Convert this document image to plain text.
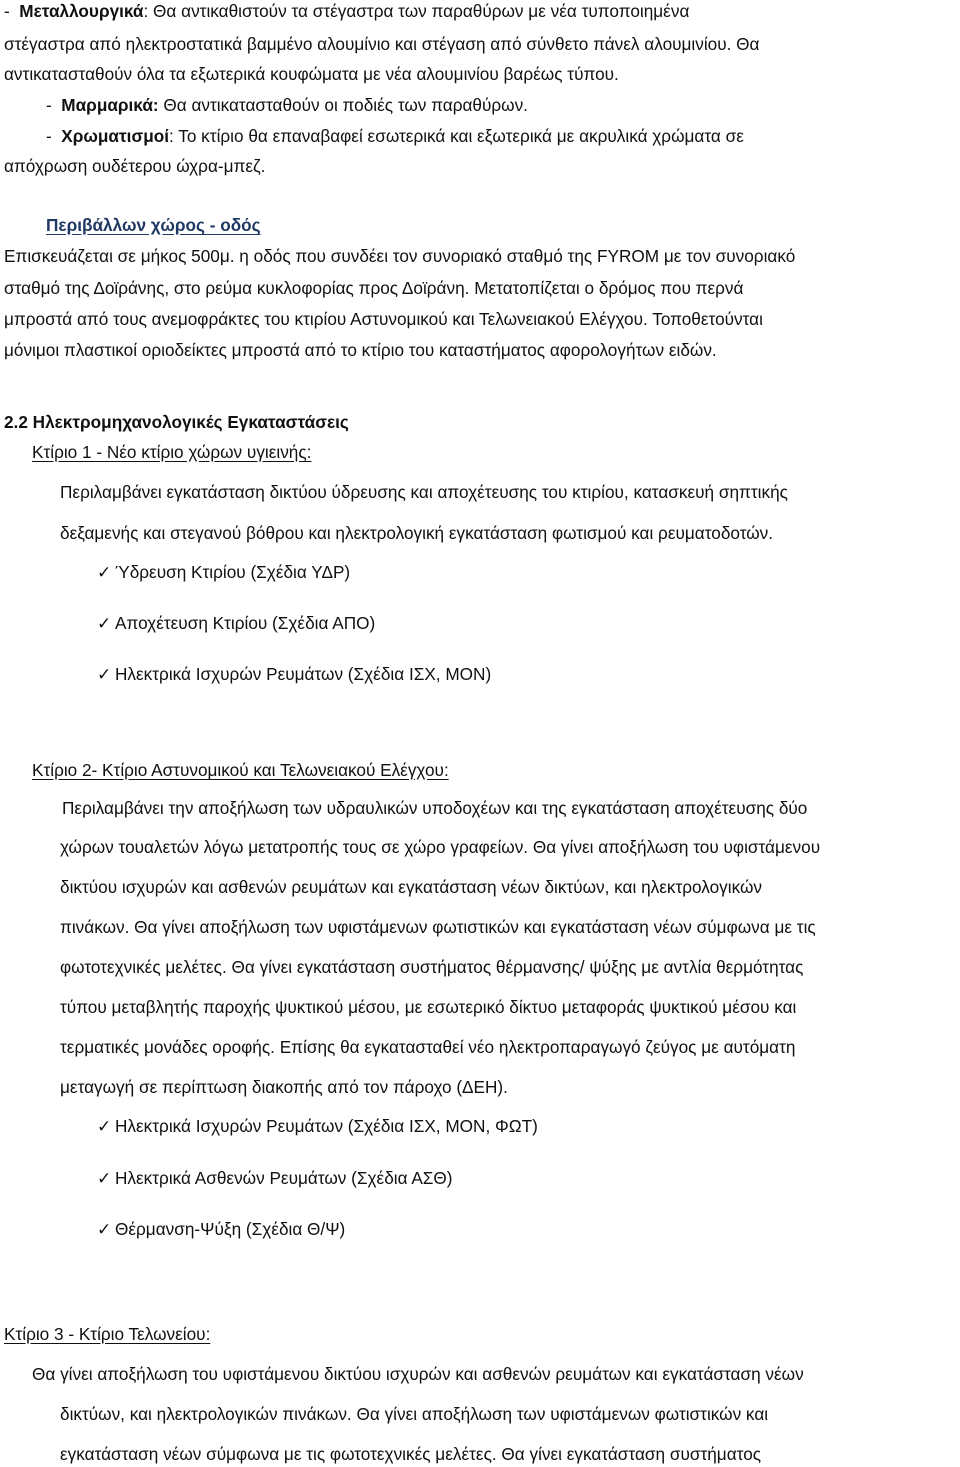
- Μεταλλουργικά: Θα αντικαθιστούν τα στέγαστρα των παραθύρων με νέα τυποποιημένα
στέγαστρα από ηλεκτροστατικά βαμμένο αλουμίνιο και στέγαση από σύνθετο πάνελ αλουμινίου. Θα
αντικατασταθούν όλα τα εξωτερικά κουφώματα με νέα αλουμινίου βαρέως τύπου.
- Μαρμαρικά: Θα αντικατασταθούν οι ποδιές των παραθύρων.
- Χρωματισμοί: Το κτίριο θα επαναβαφεί εσωτερικά και εξωτερικά με ακρυλικά χρώματα σε
απόχρωση ουδέτερου ώχρα-μπεζ.
Περιβάλλων χώρος - οδός
Επισκευάζεται σε μήκος 500μ. η οδός που συνδέει τον συνοριακό σταθμό της FYROM με τον συνοριακό
σταθμό της Δοϊράνης, στο ρεύμα κυκλοφορίας προς Δοϊράνη. Μετατοπίζεται ο δρόμος που περνά
μπροστά από τους ανεμοφράκτες του κτιρίου Αστυνομικού και Τελωνειακού Ελέγχου. Τοποθετούνται
μόνιμοι πλαστικοί οριοδείκτες μπροστά από το κτίριο του καταστήματος αφορολογήτων ειδών.
2.2 Ηλεκτρομηχανολογικές Εγκαταστάσεις
Κτίριο 1 - Νέο κτίριο χώρων υγιεινής:
Περιλαμβάνει εγκατάσταση δικτύου ύδρευσης και αποχέτευσης του κτιρίου, κατασκευή σηπτικής
δεξαμενής και στεγανού βόθρου και ηλεκτρολογική εγκατάσταση φωτισμού και ρευματοδοτών.
✓ Ύδρευση Κτιρίου (Σχέδια ΥΔΡ)
✓ Αποχέτευση Κτιρίου (Σχέδια ΑΠΟ)
✓ Ηλεκτρικά Ισχυρών Ρευμάτων (Σχέδια ΙΣΧ, ΜΟΝ)
Κτίριο 2- Κτίριο Αστυνομικού και Τελωνειακού Ελέγχου:
Περιλαμβάνει την αποξήλωση των υδραυλικών υποδοχέων και της εγκατάσταση αποχέτευσης δύο
χώρων τουαλετών λόγω μετατροπής τους σε χώρο γραφείων. Θα γίνει αποξήλωση του υφιστάμενου
δικτύου ισχυρών και ασθενών ρευμάτων και εγκατάσταση νέων δικτύων, και ηλεκτρολογικών
πινάκων. Θα γίνει αποξήλωση των υφιστάμενων φωτιστικών και εγκατάσταση νέων σύμφωνα με τις
φωτοτεχνικές μελέτες. Θα γίνει εγκατάσταση συστήματος θέρμανσης/ ψύξης με αντλία θερμότητας
τύπου μεταβλητής παροχής ψυκτικού μέσου, με εσωτερικό δίκτυο μεταφοράς ψυκτικού μέσου και
τερματικές μονάδες οροφής. Επίσης θα εγκατασταθεί νέο ηλεκτροπαραγωγό ζεύγος με αυτόματη
μεταγωγή σε περίπτωση διακοπής από τον πάροχο (ΔΕΗ).
✓ Ηλεκτρικά Ισχυρών Ρευμάτων (Σχέδια ΙΣΧ, ΜΟΝ, ΦΩΤ)
✓ Ηλεκτρικά Ασθενών Ρευμάτων (Σχέδια ΑΣΘ)
✓ Θέρμανση-Ψύξη (Σχέδια Θ/Ψ)
Κτίριο 3 - Κτίριο Τελωνείου:
Θα γίνει αποξήλωση του υφιστάμενου δικτύου ισχυρών και ασθενών ρευμάτων και εγκατάσταση νέων
δικτύων, και ηλεκτρολογικών πινάκων. Θα γίνει αποξήλωση των υφιστάμενων φωτιστικών και
εγκατάσταση νέων σύμφωνα με τις φωτοτεχνικές μελέτες. Θα γίνει εγκατάσταση συστήματος
